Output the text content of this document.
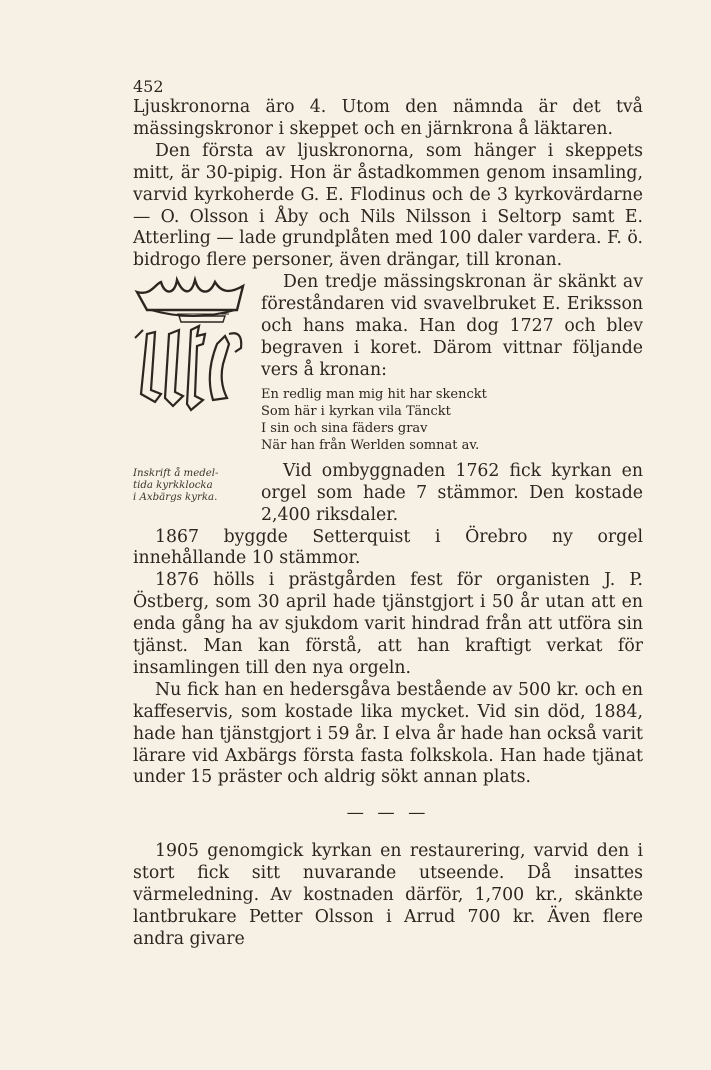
452

Ljuskronorna äro 4. Utom den nämnda är det två mässingskronor i skeppet och en järnkrona å läktaren.

Den första av ljuskronorna, som hänger i skeppets mitt, är 30-pipig. Hon är åstadkommen genom insamling, varvid kyrkoherde G. E. Flodinus och de 3 kyrkovärdarne — O. Olsson i Åby och Nils Nilsson i Seltorp samt E. Atterling — lade grundplåten med 100 daler vardera. F. ö. bidrogo flere personer, även drängar, till kronan.

Inskrift å medel-
tida kyrkklocka
i Axbärgs kyrka.

Den tredje mässingskronan är skänkt av föreståndaren vid svavelbruket E. Eriksson och hans maka. Han dog 1727 och blev begraven i koret. Därom vittnar följande vers å kronan:

En redlig man mig hit har skenckt
Som här i kyrkan vila Tänckt
I sin och sina fäders grav
När han från Werlden somnat av.

Vid ombyggnaden 1762 fick kyrkan en orgel som hade 7 stämmor. Den kostade 2,400 riksdaler.

1867 byggde Setterquist i Örebro ny orgel innehållande 10 stämmor.

1876 hölls i prästgården fest för organisten J. P. Östberg, som 30 april hade tjänstgjort i 50 år utan att en enda gång ha av sjukdom varit hindrad från att utföra sin tjänst. Man kan förstå, att han kraftigt verkat för insamlingen till den nya orgeln.

Nu fick han en hedersgåva bestående av 500 kr. och en kaffeservis, som kostade lika mycket. Vid sin död, 1884, hade han tjänstgjort i 59 år. I elva år hade han också varit lärare vid Axbärgs första fasta folkskola. Han hade tjänat under 15 präster och aldrig sökt annan plats.

— — —

1905 genomgick kyrkan en restaurering, varvid den i stort fick sitt nuvarande utseende. Då insattes värmeledning. Av kostnaden därför, 1,700 kr., skänkte lantbrukare Petter Olsson i Arrud 700 kr. Även flere andra givare
